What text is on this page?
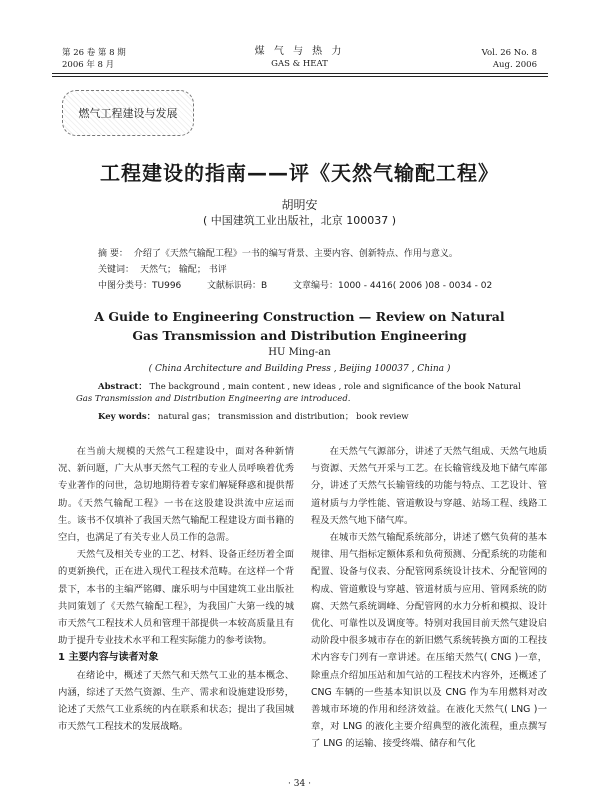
第 26 卷 第 8 期
2006 年 8 月
煤 气 与 热 力
GAS & HEAT
Vol. 26 No. 8
Aug. 2006
燃气工程建设与发展
工程建设的指南——评《天然气输配工程》
胡明安
( 中国建筑工业出版社，北京 100037 )
摘 要： 介绍了《天然气输配工程》一书的编写背景、主要内容、创新特点、作用与意义。
关键词： 天然气； 输配； 书评
中图分类号：TU996	文献标识码：B	文章编号：1000 - 4416( 2006 )08 - 0034 - 02
A Guide to Engineering Construction — Review on Natural
Gas Transmission and Distribution Engineering
HU Ming-an
( China Architecture and Building Press , Beijing 100037 , China )
Abstract： The background , main content , new ideas , role and significance of the book Natural
Gas Transmission and Distribution Engineering are introduced.
Key words： natural gas； transmission and distribution； book review

在当前大规模的天然气工程建设中，面对各种新情况、新问题，广大从事天然气工程的专业人员呼唤着优秀专业著作的问世，急切地期待着专家们解疑释惑和提供帮助。《天然气输配工程》一书在这股建设洪流中应运而生。该书不仅填补了我国天然气输配工程建设方面书籍的空白，也满足了有关专业人员工作的急需。

天然气及相关专业的工艺、材料、设备正经历着全面的更新换代，正在进入现代工程技术范畴。在这样一个背景下，本书的主编严铭卿、廉乐明与中国建筑工业出版社共同策划了《天然气输配工程》，为我国广大第一线的城市天然气工程技术人员和管理干部提供一本较高质量且有助于提升专业技术水平和工程实际能力的参考读物。

1 主要内容与读者对象

在绪论中，概述了天然气和天然气工业的基本概念、内涵，综述了天然气资源、生产、需求和设施建设形势，论述了天然气工业系统的内在联系和状态；提出了我国城市天然气工程技术的发展战略。

在天然气气源部分，讲述了天然气组成、天然气地质与资源、天然气开采与工艺。在长输管线及地下储气库部分，讲述了天然气长输管线的功能与特点、工艺设计、管道材质与力学性能、管道敷设与穿越、站场工程、线路工程及天然气地下储气库。

在城市天然气输配系统部分，讲述了燃气负荷的基本规律、用气指标定额体系和负荷预测、分配系统的功能和配置、设备与仪表、分配管网系统设计技术、分配管网的构成、管道敷设与穿越、管道材质与应用、管网系统的防腐、天然气系统调峰、分配管网的水力分析和模拟、设计优化、可靠性以及调度等。特别对我国目前天然气建设启动阶段中很多城市存在的新旧燃气系统转换方面的工程技术内容专门列有一章讲述。在压缩天然气( CNG )一章，除重点介绍加压站和加气站的工程技术内容外，还概述了 CNG 车辆的一些基本知识以及 CNG 作为车用燃料对改善城市环境的作用和经济效益。在液化天然气( LNG )一章，对 LNG 的液化主要介绍典型的液化流程，重点撰写了 LNG 的运输、接受终端、储存和气化

· 34 ·
